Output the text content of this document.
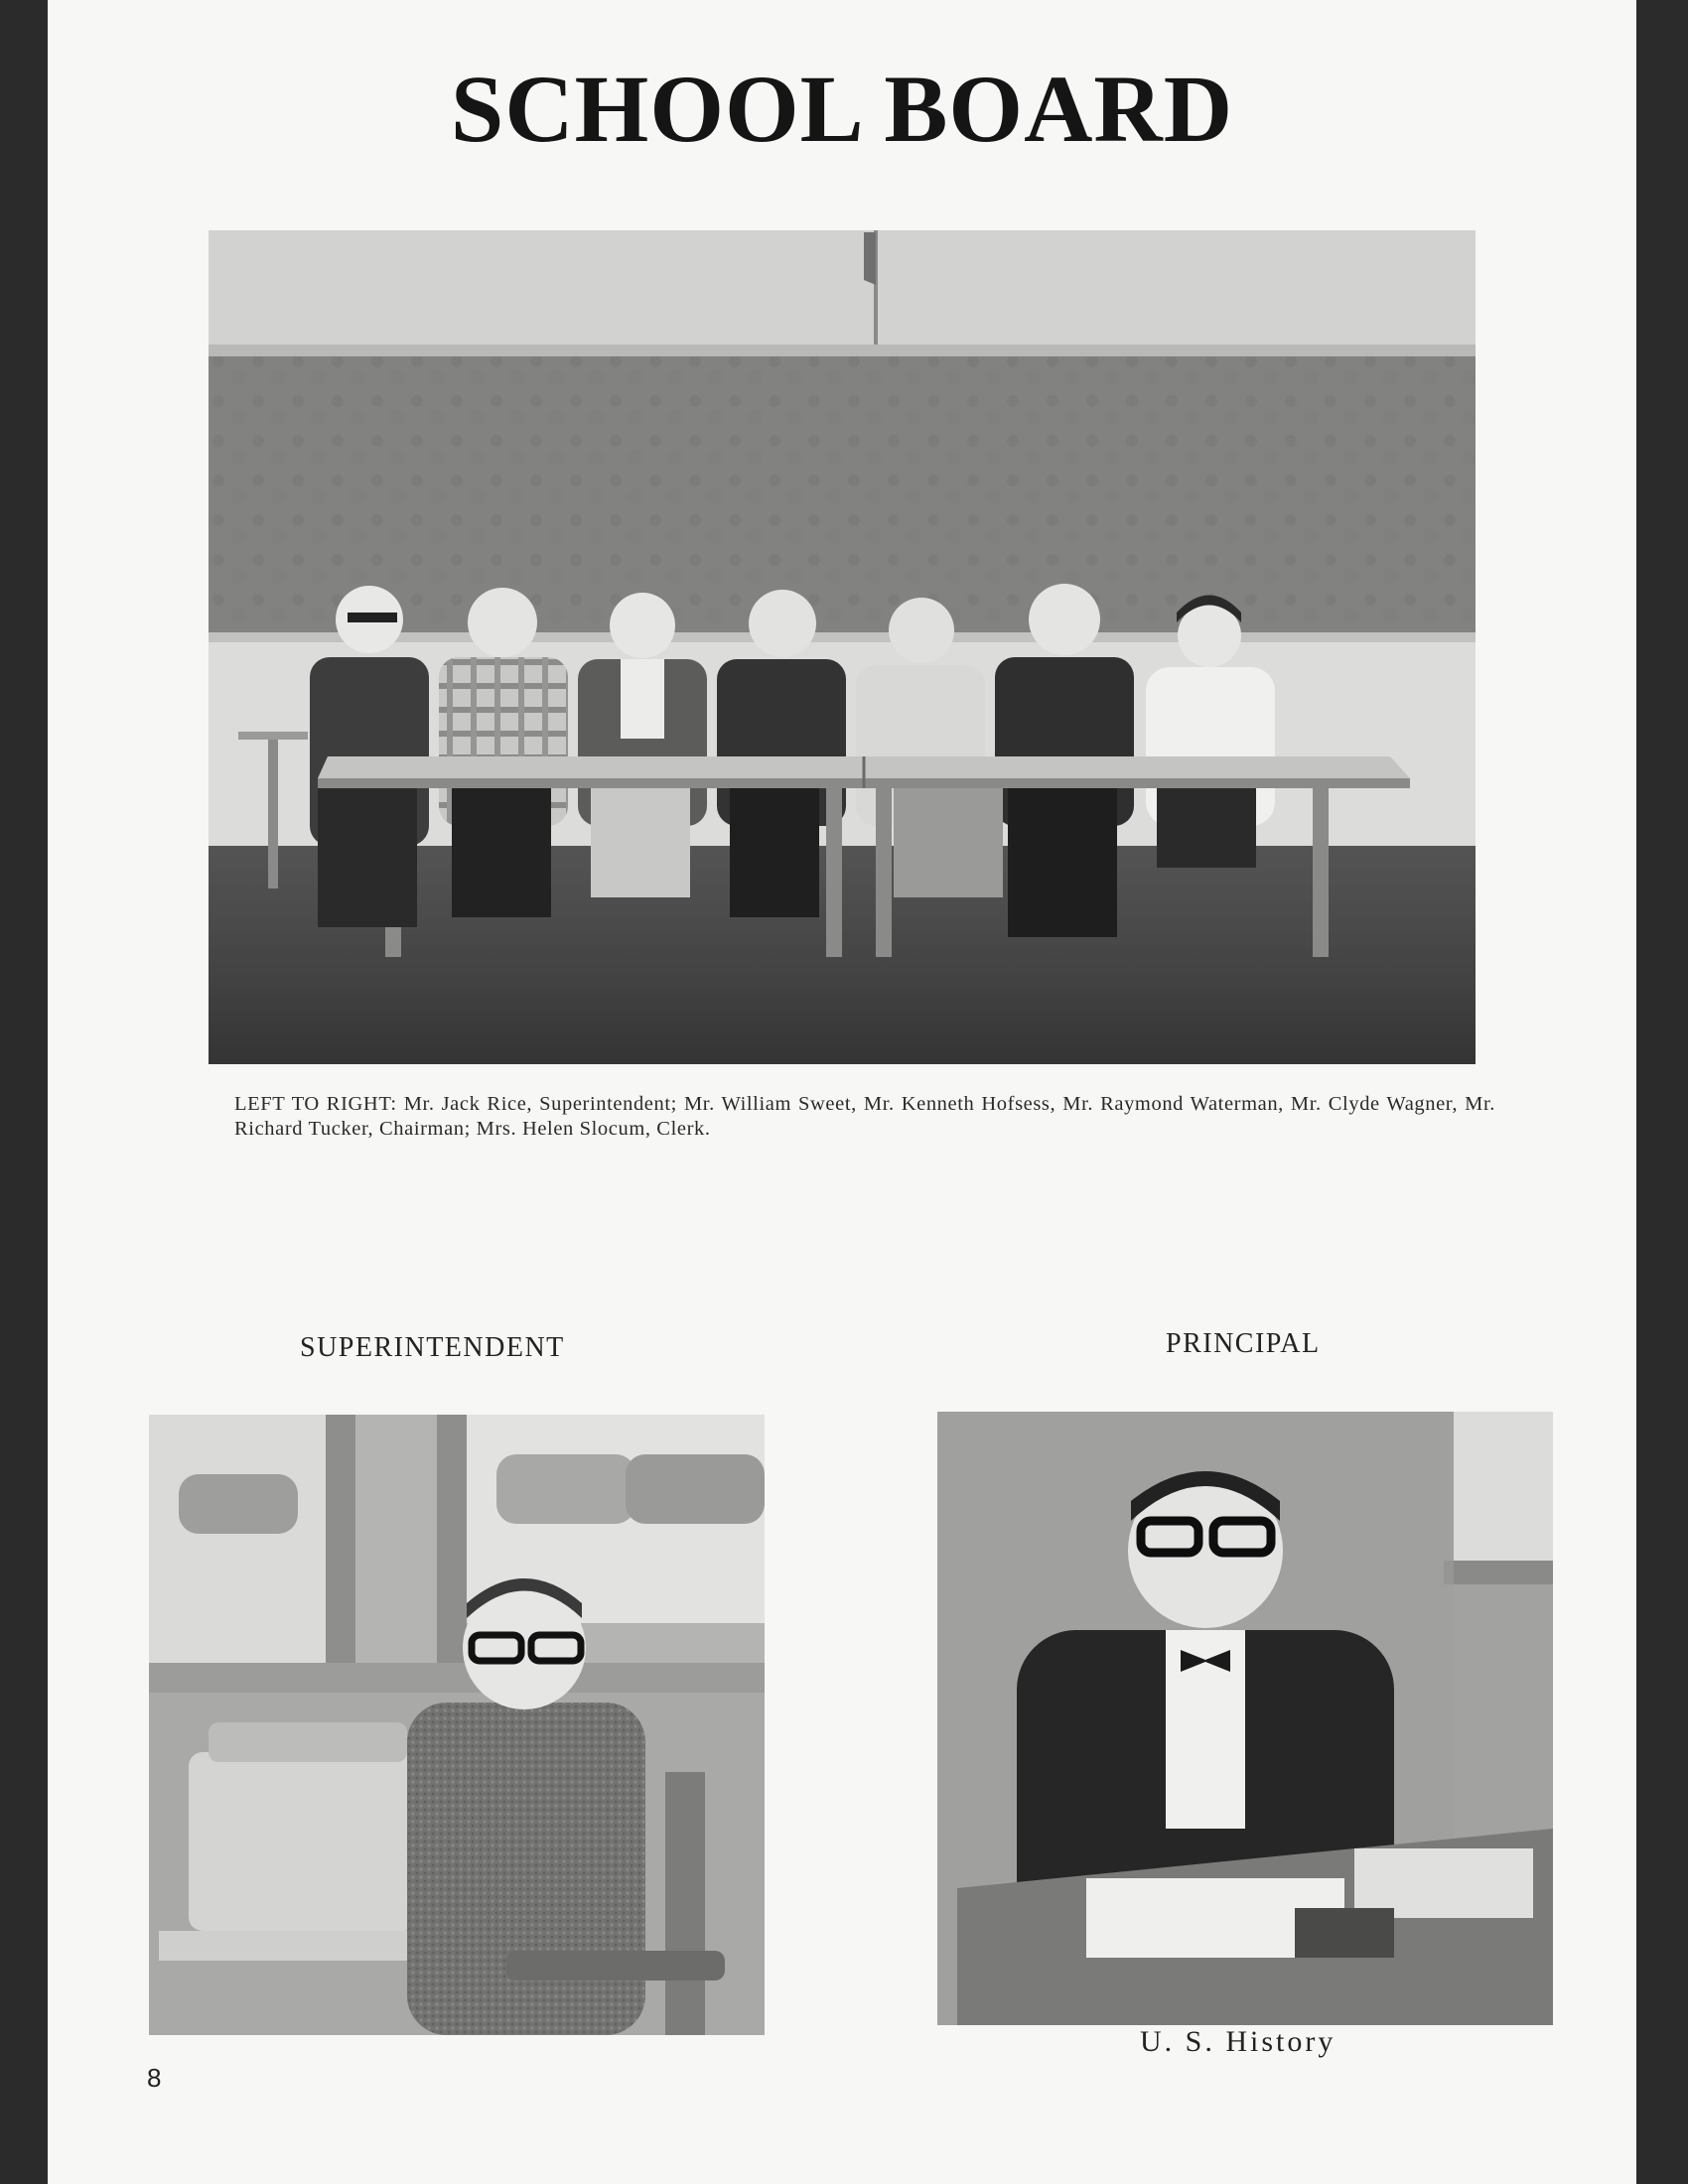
SCHOOL BOARD
LEFT TO RIGHT: Mr. Jack Rice, Superintendent; Mr. William Sweet, Mr. Kenneth Hofsess, Mr. Raymond Waterman, Mr. Clyde Wagner, Mr. Richard Tucker, Chairman; Mrs. Helen Slocum, Clerk.
SUPERINTENDENT	PRINCIPAL
U. S. History
8
